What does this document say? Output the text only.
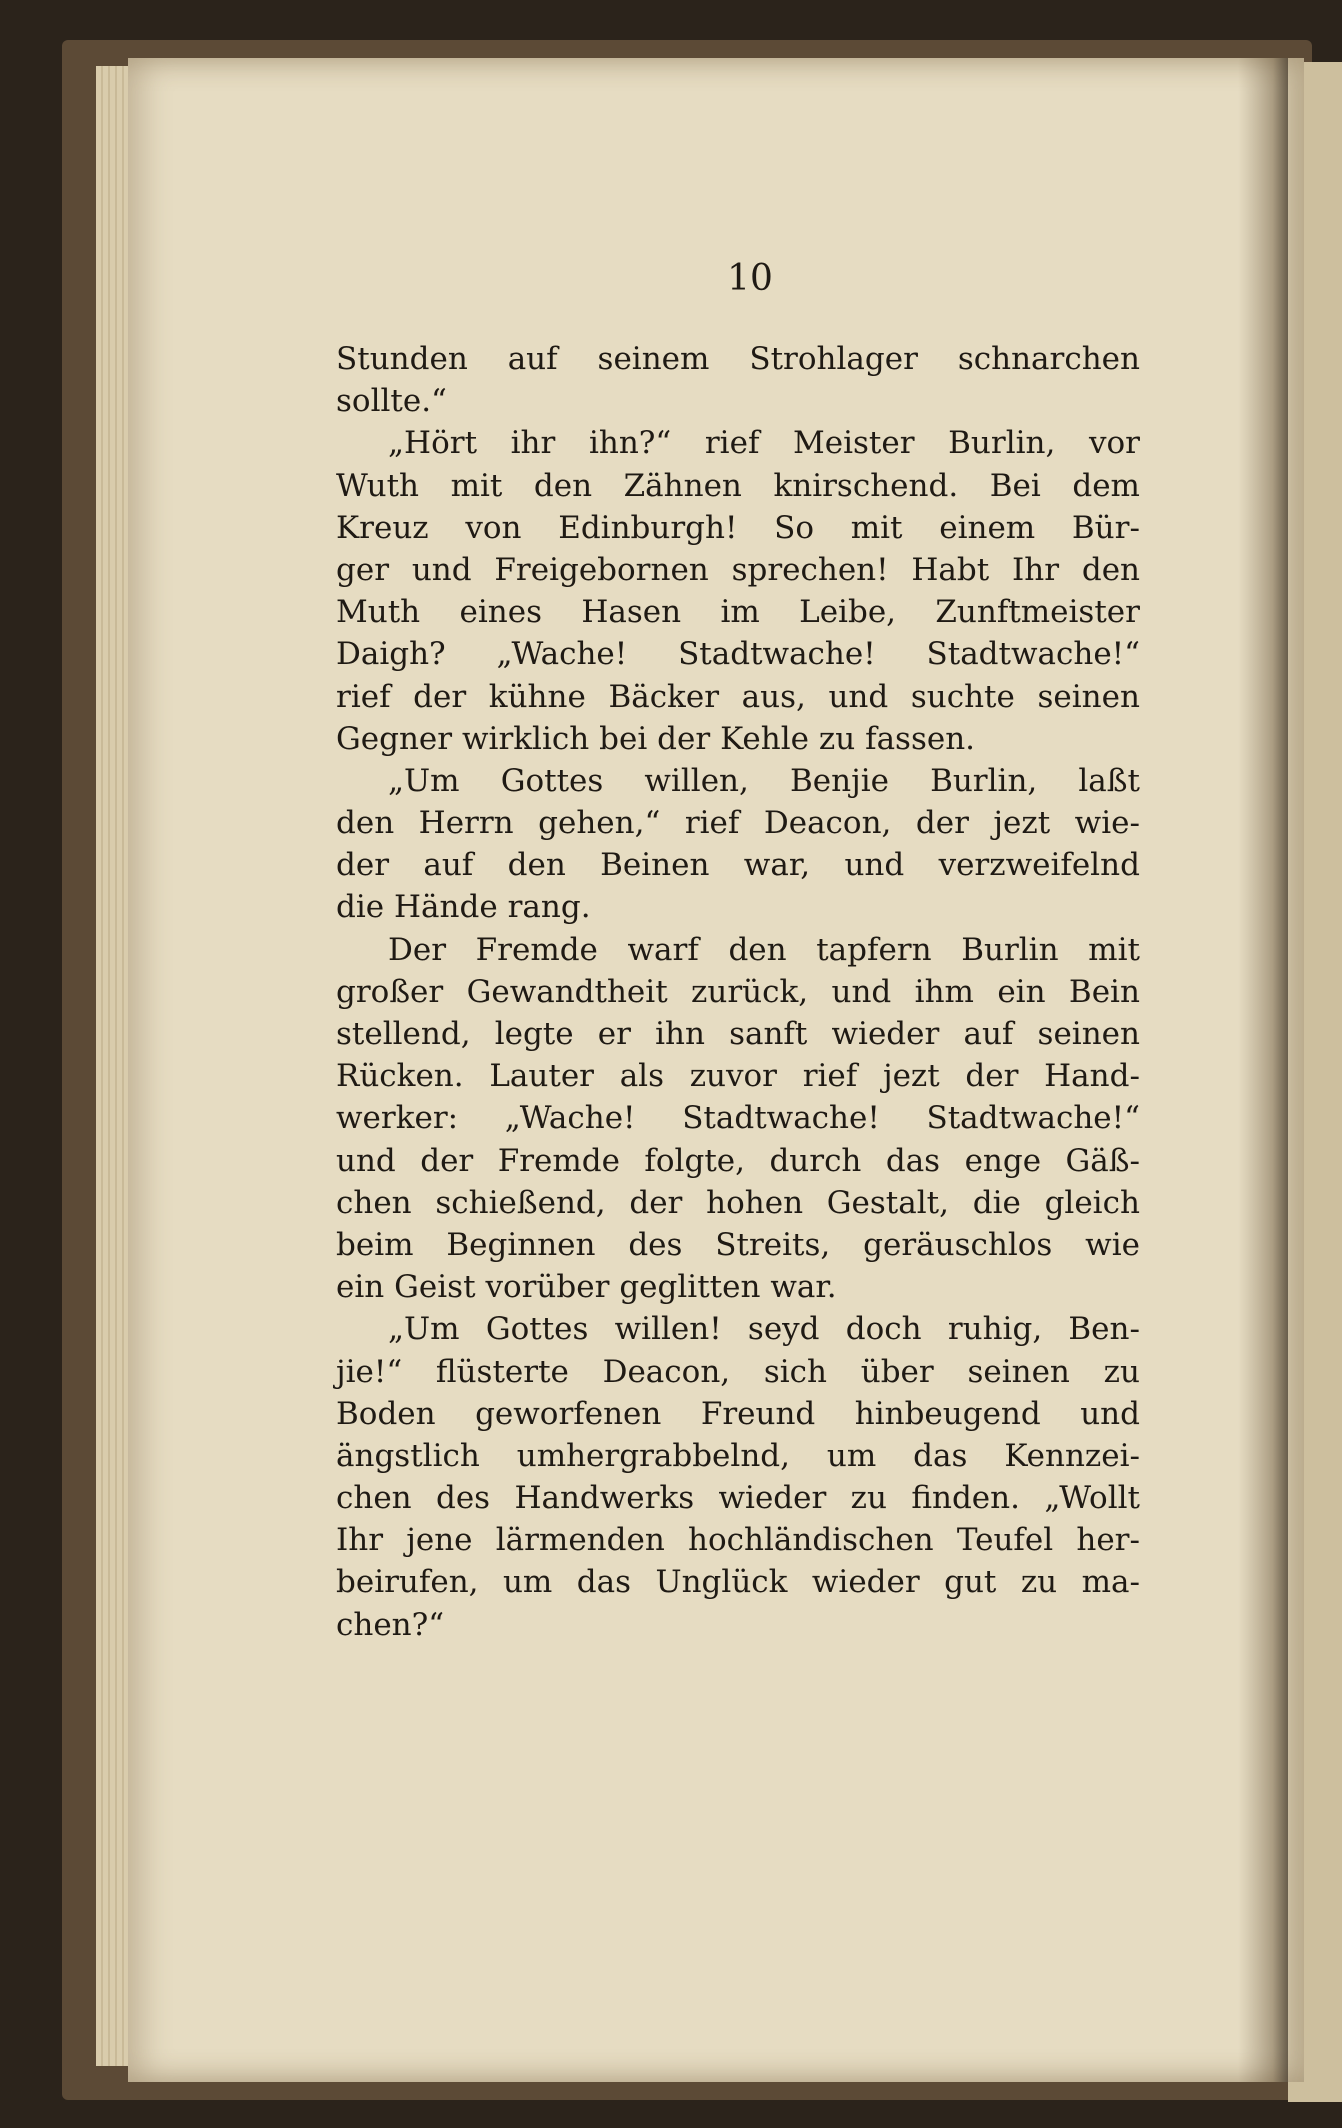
10
Stunden auf seinem Strohlager schnarchen
sollte.“
„Hört ihr ihn?“ rief Meister Burlin, vor
Wuth mit den Zähnen knirschend. Bei dem
Kreuz von Edinburgh! So mit einem Bür-
ger und Freigebornen sprechen! Habt Ihr den
Muth eines Hasen im Leibe, Zunftmeister
Daigh? „Wache! Stadtwache! Stadtwache!“
rief der kühne Bäcker aus, und suchte seinen
Gegner wirklich bei der Kehle zu fassen.
„Um Gottes willen, Benjie Burlin, laßt
den Herrn gehen,“ rief Deacon, der jezt wie-
der auf den Beinen war, und verzweifelnd
die Hände rang.
Der Fremde warf den tapfern Burlin mit
großer Gewandtheit zurück, und ihm ein Bein
stellend, legte er ihn sanft wieder auf seinen
Rücken. Lauter als zuvor rief jezt der Hand-
werker: „Wache! Stadtwache! Stadtwache!“
und der Fremde folgte, durch das enge Gäß-
chen schießend, der hohen Gestalt, die gleich
beim Beginnen des Streits, geräuschlos wie
ein Geist vorüber geglitten war.
„Um Gottes willen! seyd doch ruhig, Ben-
jie!“ flüsterte Deacon, sich über seinen zu
Boden geworfenen Freund hinbeugend und
ängstlich umhergrabbelnd, um das Kennzei-
chen des Handwerks wieder zu finden. „Wollt
Ihr jene lärmenden hochländischen Teufel her-
beirufen, um das Unglück wieder gut zu ma-
chen?“
